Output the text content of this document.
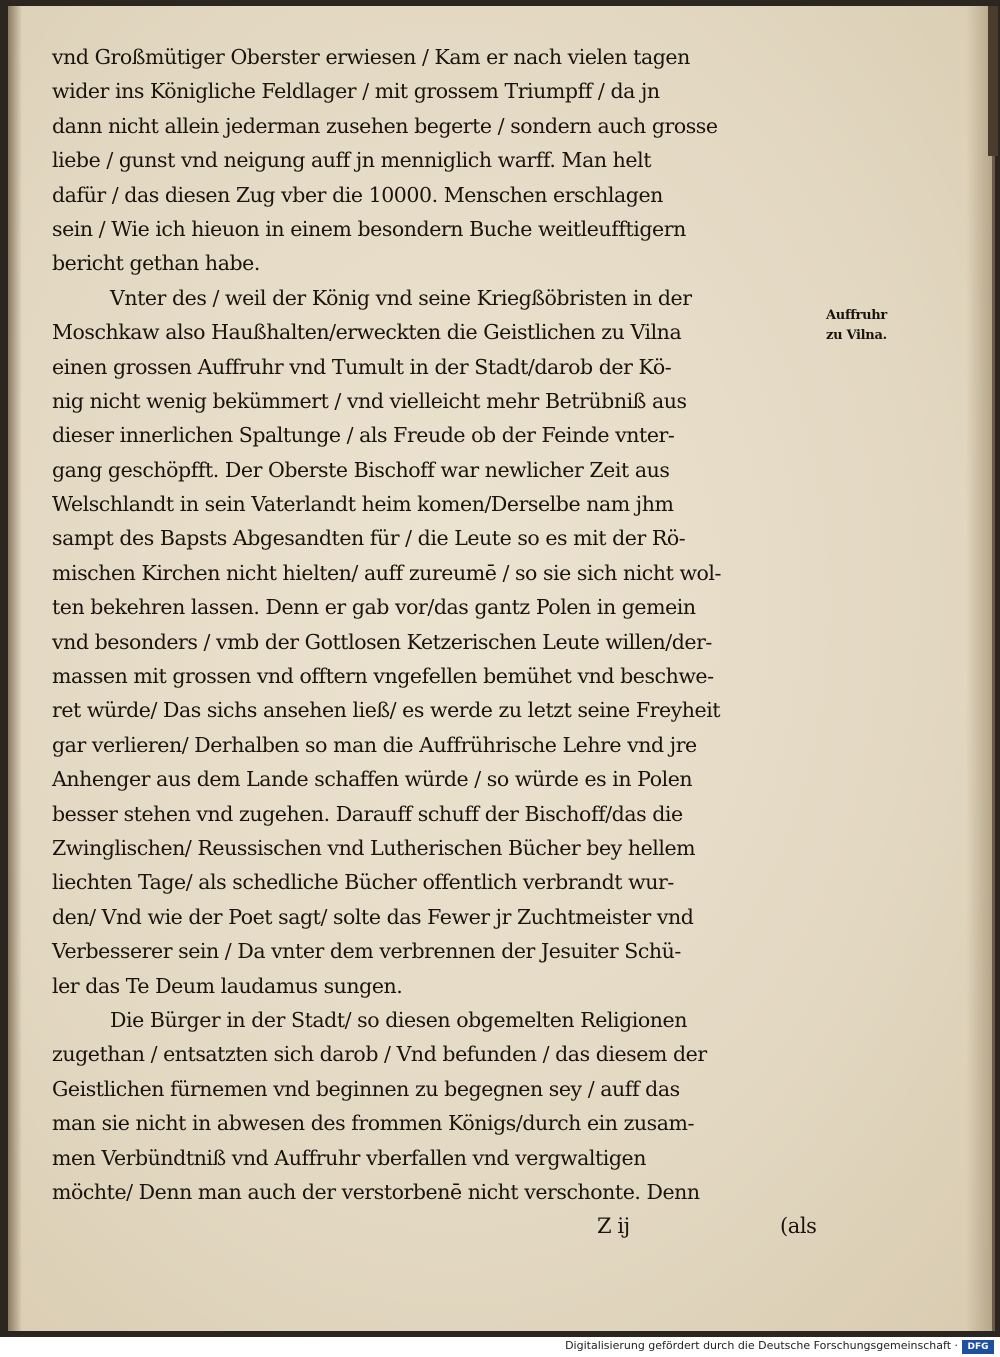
vnd Großmütiger Oberster erwiesen / Kam er nach vielen tagen
wider ins Königliche Feldlager / mit grossem Triumpff / da jn
dann nicht allein jederman zusehen begerte / sondern auch grosse
liebe / gunst vnd neigung auff jn menniglich warff. Man helt
dafür / das diesen Zug vber die 10000. Menschen erschlagen
sein / Wie ich hieuon in einem besondern Buche weitleufftigern
bericht gethan habe.
Vnter des / weil der König vnd seine Kriegßöbristen in der
Moschkaw also Haußhalten/erweckten die Geistlichen zu Vilna
einen grossen Auffruhr vnd Tumult in der Stadt/darob der Kö-
nig nicht wenig bekümmert / vnd vielleicht mehr Betrübniß aus
dieser innerlichen Spaltunge / als Freude ob der Feinde vnter-
gang geschöpfft. Der Oberste Bischoff war newlicher Zeit aus
Welschlandt in sein Vaterlandt heim komen/Derselbe nam jhm
sampt des Bapsts Abgesandten für / die Leute so es mit der Rö-
mischen Kirchen nicht hielten/ auff zureumē / so sie sich nicht wol-
ten bekehren lassen. Denn er gab vor/das gantz Polen in gemein
vnd besonders / vmb der Gottlosen Ketzerischen Leute willen/der-
massen mit grossen vnd offtern vngefellen bemühet vnd beschwe-
ret würde/ Das sichs ansehen ließ/ es werde zu letzt seine Freyheit
gar verlieren/ Derhalben so man die Auffrührische Lehre vnd jre
Anhenger aus dem Lande schaffen würde / so würde es in Polen
besser stehen vnd zugehen. Darauff schuff der Bischoff/das die
Zwinglischen/ Reussischen vnd Lutherischen Bücher bey hellem
liechten Tage/ als schedliche Bücher offentlich verbrandt wur-
den/ Vnd wie der Poet sagt/ solte das Fewer jr Zuchtmeister vnd
Verbesserer sein / Da vnter dem verbrennen der Jesuiter Schü-
ler das Te Deum laudamus sungen.
Die Bürger in der Stadt/ so diesen obgemelten Religionen
zugethan / entsatzten sich darob / Vnd befunden / das diesem der
Geistlichen fürnemen vnd beginnen zu begegnen sey / auff das
man sie nicht in abwesen des frommen Königs/durch ein zusam-
men Verbündtniß vnd Auffruhr vberfallen vnd vergwaltigen
möchte/ Denn man auch der verstorbenē nicht verschonte. Denn
Z ij	(als
Auffruhr
zu Vilna.
Digitalisierung gefördert durch die Deutsche Forschungsgemeinschaft ·	DFG
